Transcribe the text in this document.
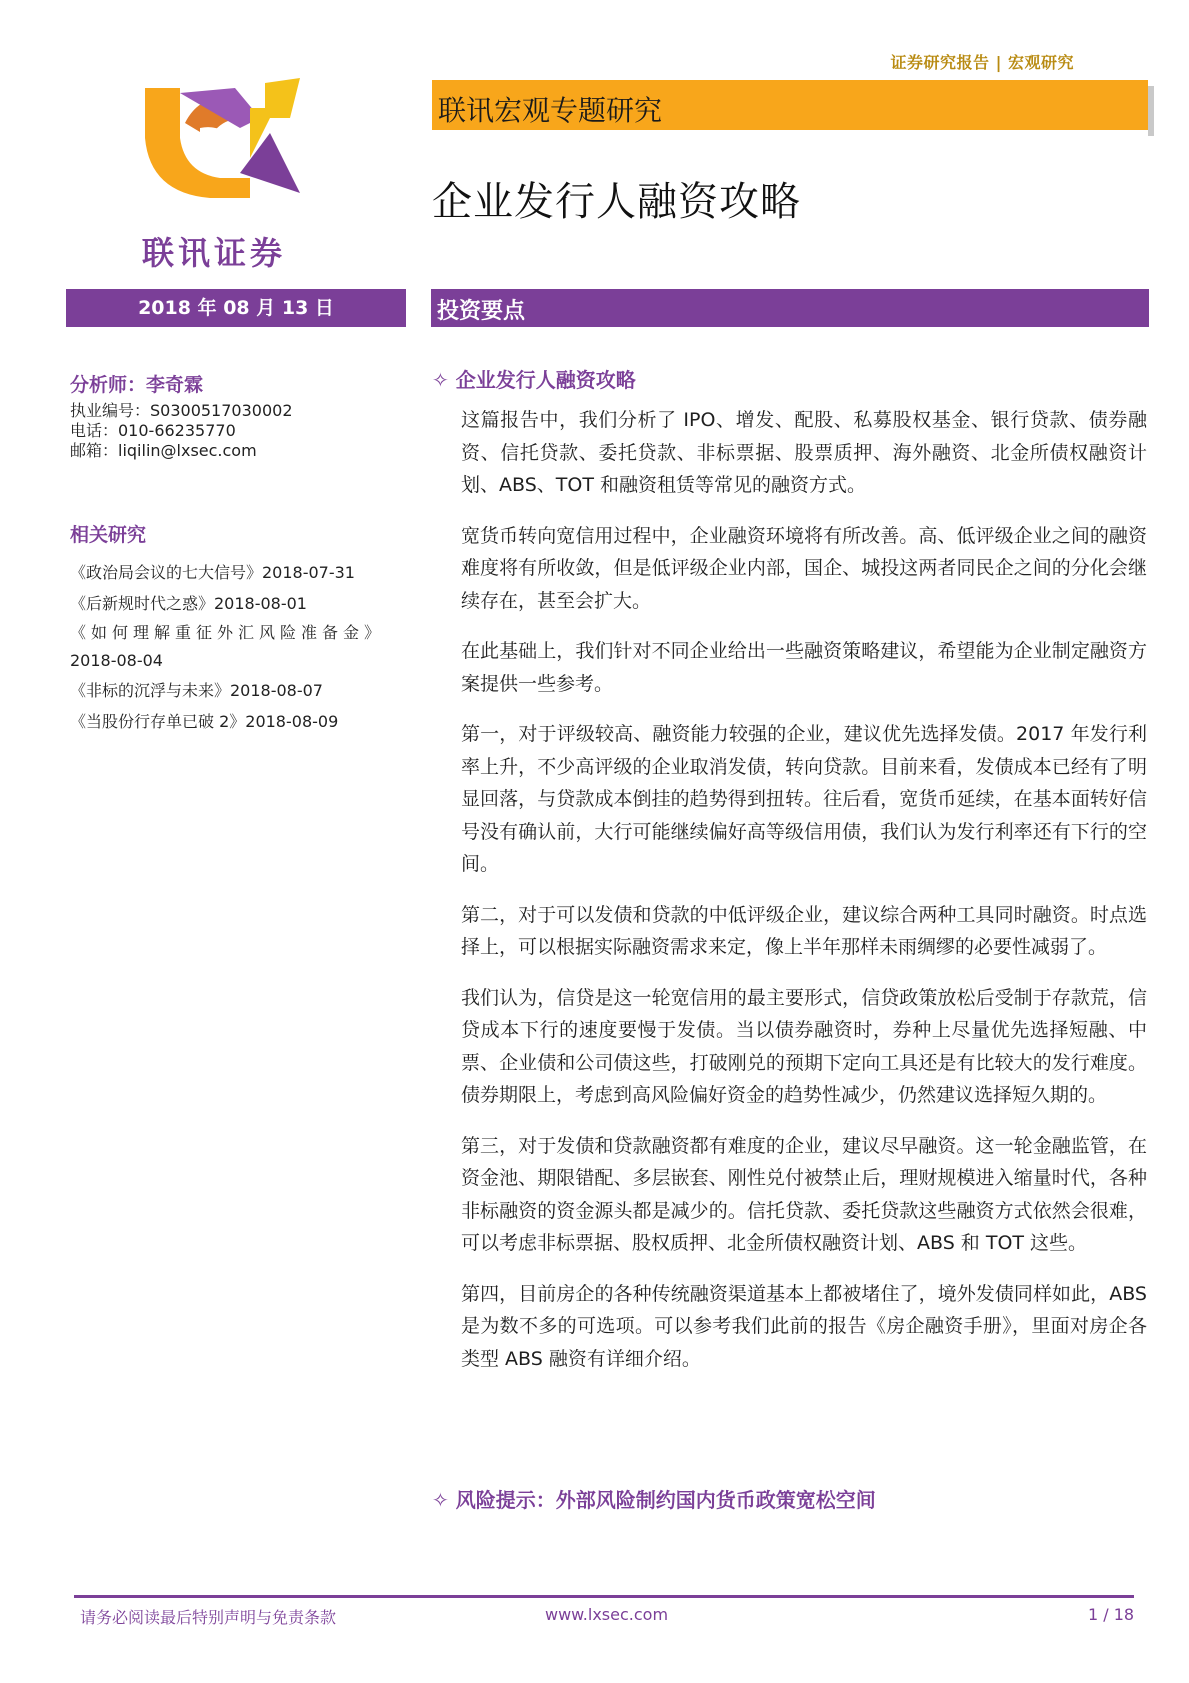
证券研究报告 | 宏观研究
联讯证券
联讯宏观专题研究
企业发行人融资攻略
2018 年 08 月 13 日	投资要点
分析师：李奇霖
执业编号：S0300517030002
电话：010-66235770
邮箱：liqilin@lxsec.com
相关研究
《政治局会议的七大信号》2018-07-31
《后新规时代之惑》2018-08-01
《如何理解重征外汇风险准备金》
2018-08-04
《非标的沉浮与未来》2018-08-07
《当股份行存单已破 2》2018-08-09
✧ 企业发行人融资攻略

这篇报告中，我们分析了 IPO、增发、配股、私募股权基金、银行贷款、债券融资、信托贷款、委托贷款、非标票据、股票质押、海外融资、北金所债权融资计划、ABS、TOT 和融资租赁等常见的融资方式。

宽货币转向宽信用过程中，企业融资环境将有所改善。高、低评级企业之间的融资难度将有所收敛，但是低评级企业内部，国企、城投这两者同民企之间的分化会继续存在，甚至会扩大。

在此基础上，我们针对不同企业给出一些融资策略建议，希望能为企业制定融资方案提供一些参考。

第一，对于评级较高、融资能力较强的企业，建议优先选择发债。2017 年发行利率上升，不少高评级的企业取消发债，转向贷款。目前来看，发债成本已经有了明显回落，与贷款成本倒挂的趋势得到扭转。往后看，宽货币延续，在基本面转好信号没有确认前，大行可能继续偏好高等级信用债，我们认为发行利率还有下行的空间。

第二，对于可以发债和贷款的中低评级企业，建议综合两种工具同时融资。时点选择上，可以根据实际融资需求来定，像上半年那样未雨绸缪的必要性减弱了。

我们认为，信贷是这一轮宽信用的最主要形式，信贷政策放松后受制于存款荒，信贷成本下行的速度要慢于发债。当以债券融资时，券种上尽量优先选择短融、中票、企业债和公司债这些，打破刚兑的预期下定向工具还是有比较大的发行难度。债券期限上，考虑到高风险偏好资金的趋势性减少，仍然建议选择短久期的。

第三，对于发债和贷款融资都有难度的企业，建议尽早融资。这一轮金融监管，在资金池、期限错配、多层嵌套、刚性兑付被禁止后，理财规模进入缩量时代，各种非标融资的资金源头都是减少的。信托贷款、委托贷款这些融资方式依然会很难，可以考虑非标票据、股权质押、北金所债权融资计划、ABS 和 TOT 这些。

第四，目前房企的各种传统融资渠道基本上都被堵住了，境外发债同样如此，ABS 是为数不多的可选项。可以参考我们此前的报告《房企融资手册》，里面对房企各类型 ABS 融资有详细介绍。

✧ 风险提示：外部风险制约国内货币政策宽松空间
请务必阅读最后特别声明与免责条款	www.lxsec.com	1 / 18
